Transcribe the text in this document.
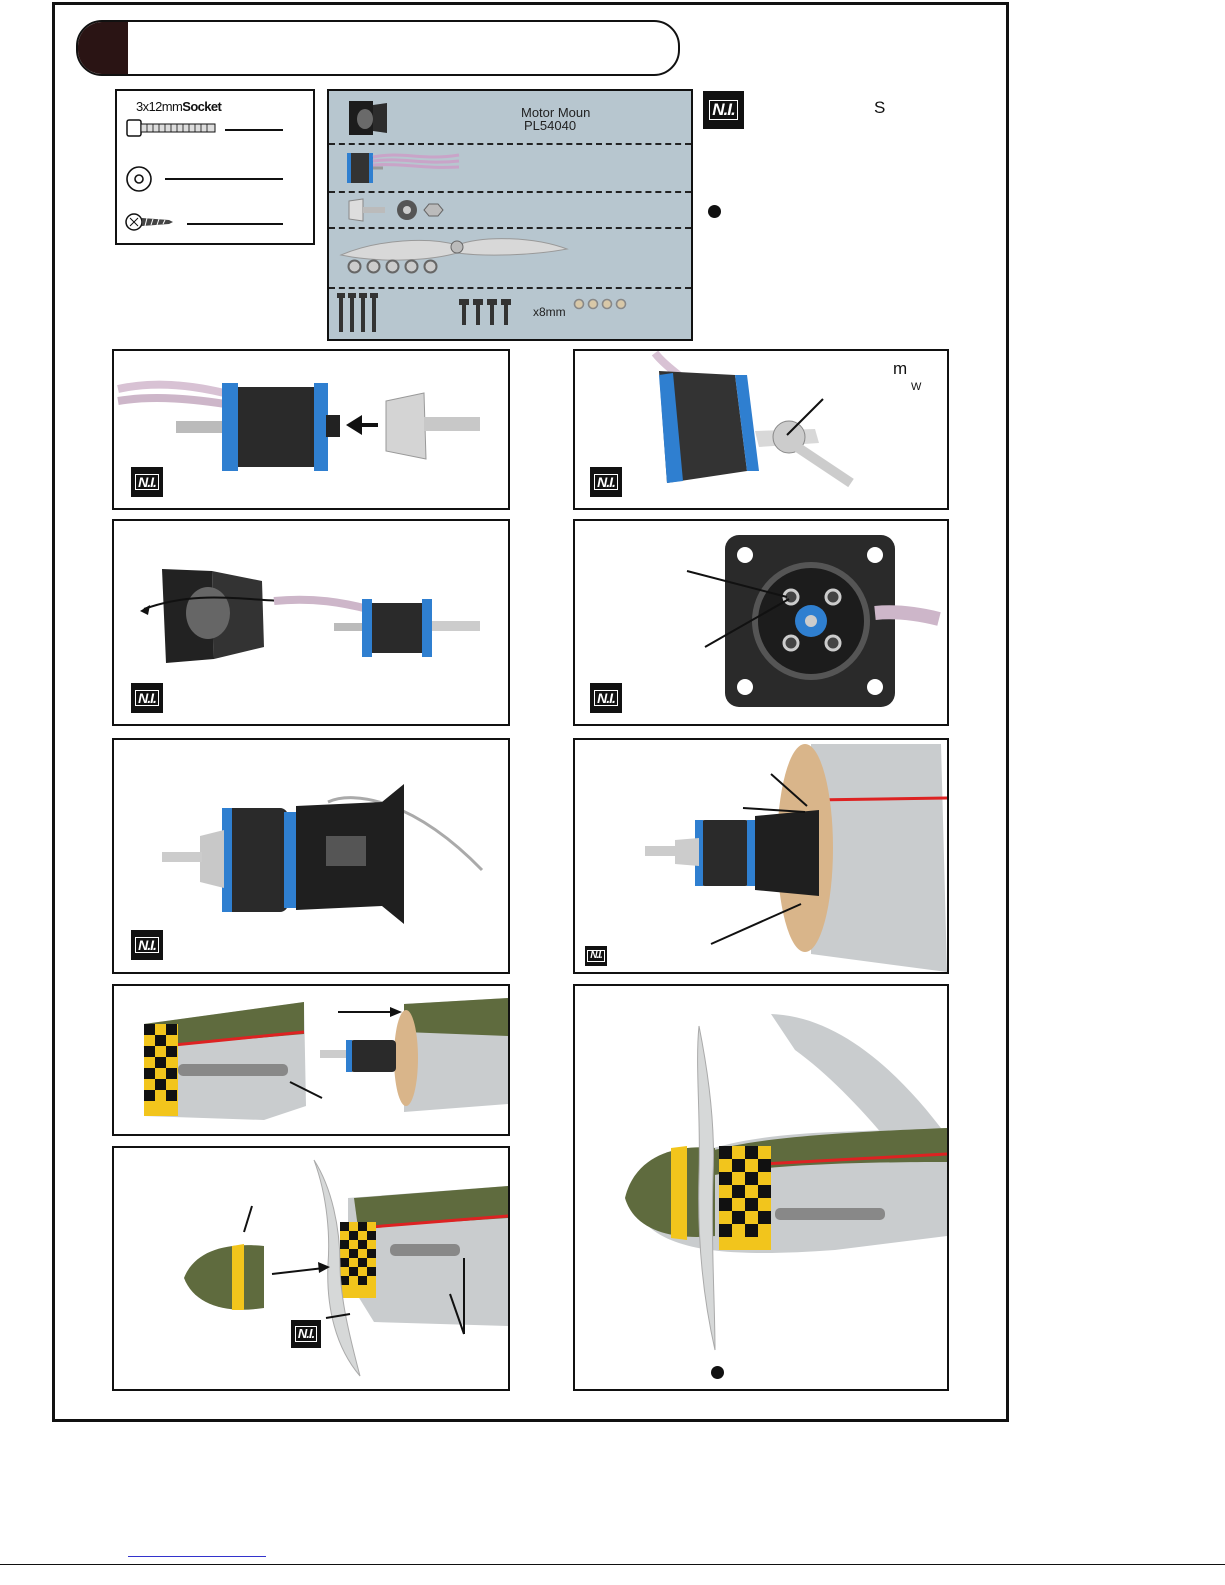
3x12mmSocket	Motor Moun
PL54040
x8mm
N.I.	S
N.I.
m
W
N.I.
N.I.	N.I.
N.I.
N.I.
N.I.
